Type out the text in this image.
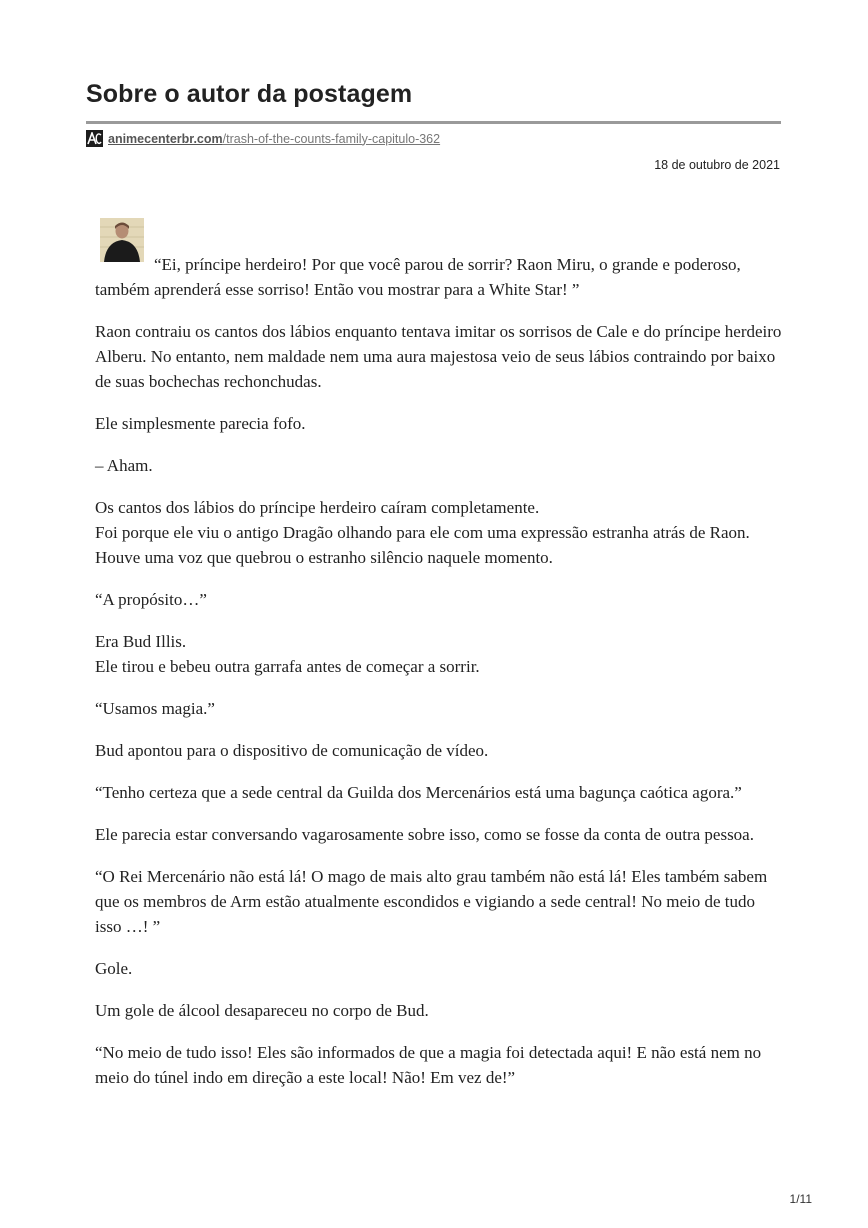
Sobre o autor da postagem
animecenterbr.com /trash-of-the-counts-family-capitulo-362
18 de outubro de 2021

“Ei, príncipe herdeiro! Por que você parou de sorrir? Raon Miru, o grande e poderoso, também aprenderá esse sorriso! Então vou mostrar para a White Star! ”

Raon contraiu os cantos dos lábios enquanto tentava imitar os sorrisos de Cale e do príncipe herdeiro Alberu. No entanto, nem maldade nem uma aura majestosa veio de seus lábios contraindo por baixo de suas bochechas rechonchudas.

Ele simplesmente parecia fofo.

– Aham.

Os cantos dos lábios do príncipe herdeiro caíram completamente.
Foi porque ele viu o antigo Dragão olhando para ele com uma expressão estranha atrás de Raon.
Houve uma voz que quebrou o estranho silêncio naquele momento.

“A propósito…”

Era Bud Illis.
Ele tirou e bebeu outra garrafa antes de começar a sorrir.

“Usamos magia.”

Bud apontou para o dispositivo de comunicação de vídeo.

“Tenho certeza que a sede central da Guilda dos Mercenários está uma bagunça caótica agora.”

Ele parecia estar conversando vagarosamente sobre isso, como se fosse da conta de outra pessoa.

“O Rei Mercenário não está lá! O mago de mais alto grau também não está lá! Eles também sabem que os membros de Arm estão atualmente escondidos e vigiando a sede central! No meio de tudo isso …! ”

Gole.

Um gole de álcool desapareceu no corpo de Bud.

“No meio de tudo isso! Eles são informados de que a magia foi detectada aqui! E não está nem no meio do túnel indo em direção a este local! Não! Em vez de!”

1/11
